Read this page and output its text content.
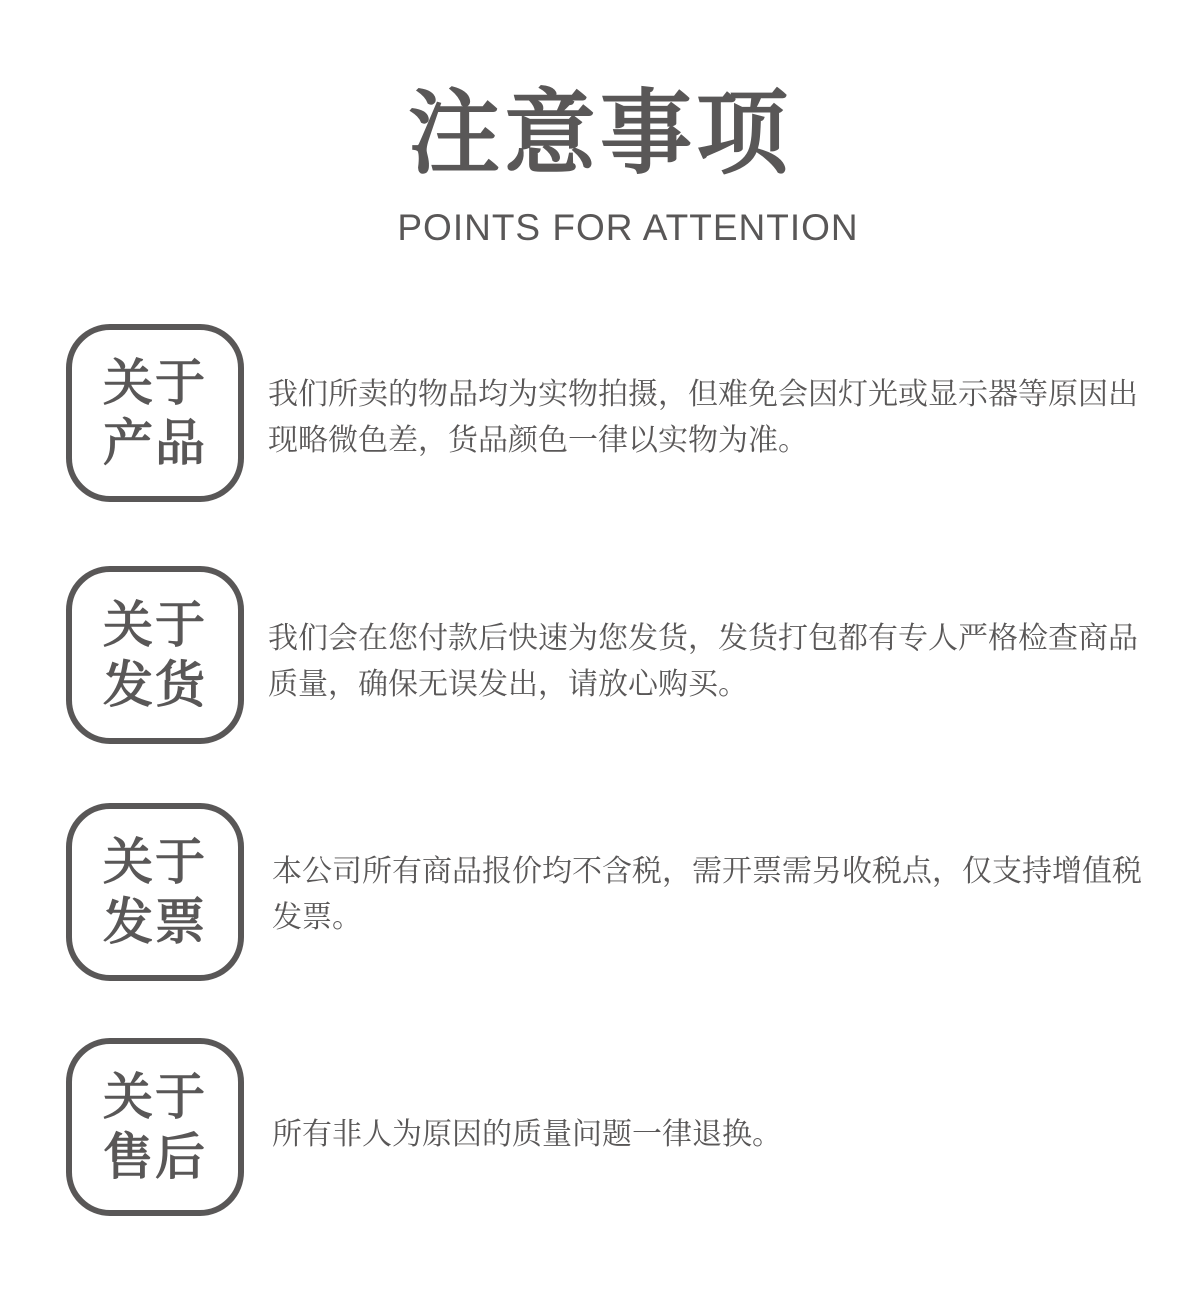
注意事项
POINTS FOR ATTENTION
关于
产品

我们所卖的物品均为实物拍摄，但难免会因灯光或显示器等原因出现略微色差，货品颜色一律以实物为准。

关于
发货

我们会在您付款后快速为您发货，发货打包都有专人严格检查商品质量，确保无误发出，请放心购买。

关于
发票

本公司所有商品报价均不含税，需开票需另收税点，仅支持增值税发票。

关于
售后 所有非人为原因的质量问题一律退换。
